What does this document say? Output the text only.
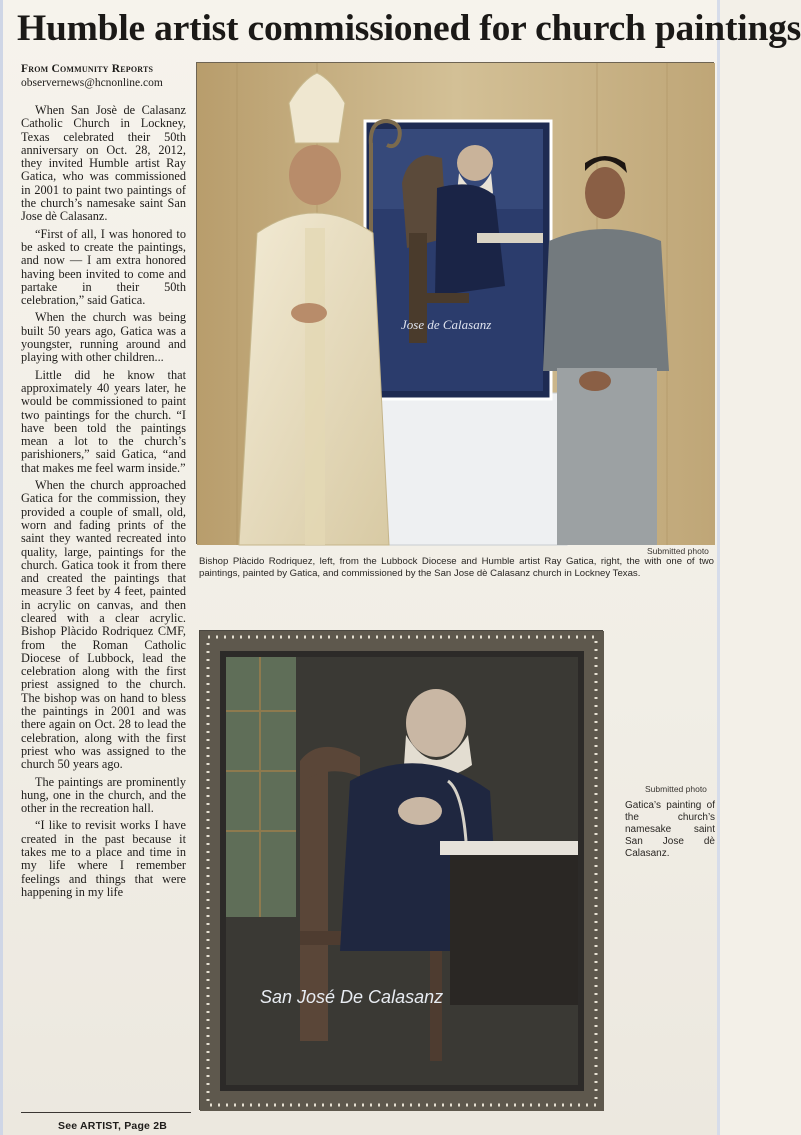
Humble artist commissioned for church paintings
From Community Reports
observernews@hcnonline.com

When San Josè de Calasanz Catholic Church in Lockney, Texas celebrated their 50th anniversary on Oct. 28, 2012, they invited Humble artist Ray Gatica, who was commissioned in 2001 to paint two paintings of the church’s namesake saint San Jose dè Calasanz.

“First of all, I was honored to be asked to create the paintings, and now — I am extra honored having been invited to come and partake in their 50th celebration,” said Gatica.

When the church was being built 50 years ago, Gatica was a youngster, running around and playing with other children...

Little did he know that approximately 40 years later, he would be commissioned to paint two paintings for the church. “I have been told the paintings mean a lot to the church’s parishioners,” said Gatica, “and that makes me feel warm inside.”

When the church approached Gatica for the commission, they provided a couple of small, old, worn and fading prints of the saint they wanted recreated into quality, large, paintings for the church. Gatica took it from there and created the paintings that measure 3 feet by 4 feet, painted in acrylic on canvas, and then cleared with a clear acrylic. Bishop Plàcido Rodriquez CMF, from the Roman Catholic Diocese of Lubbock, lead the celebration along with the first priest assigned to the church. The bishop was on hand to bless the paintings in 2001 and was there again on Oct. 28 to lead the celebration, along with the first priest who was assigned to the church 50 years ago.

The paintings are prominently hung, one in the church, and the other in the recreation hall.

“I like to revisit works I have created in the past because it takes me to a place and time in my life where I remember feelings and things that were happening in my life

See ARTIST, Page 2B
Jose de Calasanz
Submitted photo
Bishop Plàcido Rodriquez, left, from the Lubbock Diocese and Humble artist Ray Gatica, right, the with one of two paintings, painted by Gatica, and commissioned by the San Jose dè Calasanz church in Lockney Texas.
San José De Calasanz
Submitted photo
Gatica’s painting of the church’s namesake saint San Jose dè Calasanz.
